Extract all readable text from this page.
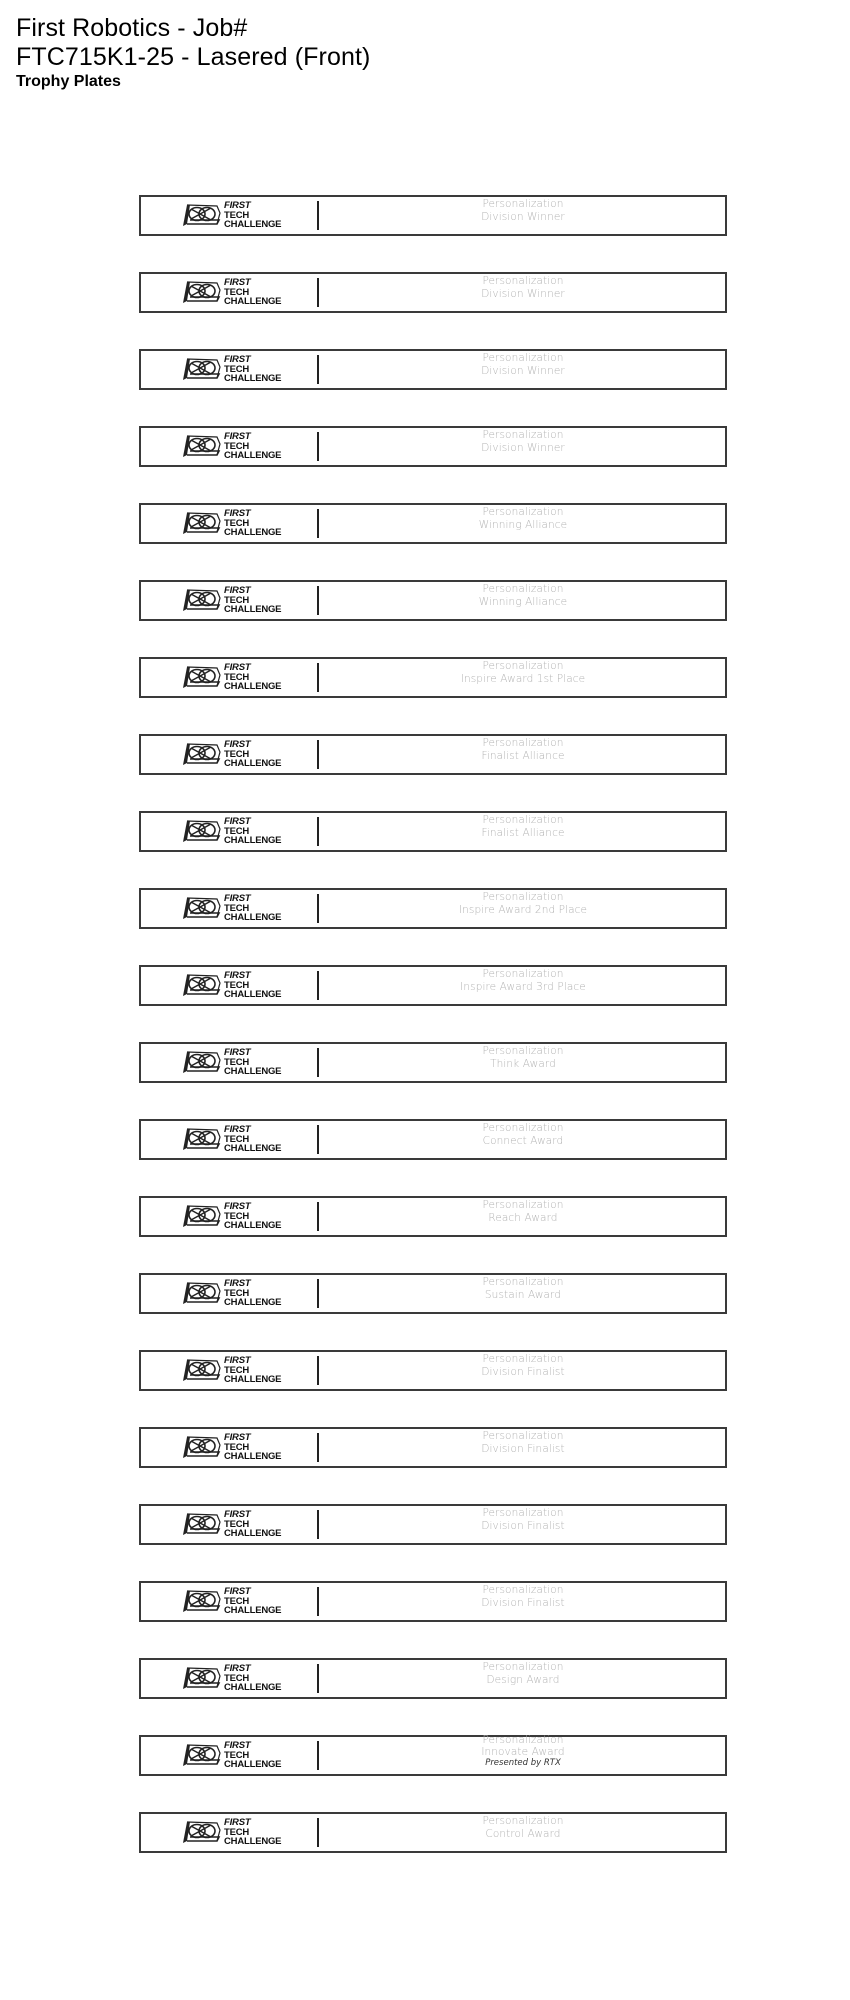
First Robotics - Job#
FTC715K1-25 - Lasered (Front)
Trophy Plates
FIRST
TECH
CHALLENGE
Personalization
Division Winner
FIRST
TECH
CHALLENGE
Personalization
Division Winner
FIRST
TECH
CHALLENGE
Personalization
Division Winner
FIRST
TECH
CHALLENGE
Personalization
Division Winner
FIRST
TECH
CHALLENGE
Personalization
Winning Alliance
FIRST
TECH
CHALLENGE
Personalization
Winning Alliance
FIRST
TECH
CHALLENGE
Personalization
Inspire Award 1st Place
FIRST
TECH
CHALLENGE
Personalization
Finalist Alliance
FIRST
TECH
CHALLENGE
Personalization
Finalist Alliance
FIRST
TECH
CHALLENGE
Personalization
Inspire Award 2nd Place
FIRST
TECH
CHALLENGE
Personalization
Inspire Award 3rd Place
FIRST
TECH
CHALLENGE
Personalization
Think Award
FIRST
TECH
CHALLENGE
Personalization
Connect Award
FIRST
TECH
CHALLENGE
Personalization
Reach Award
FIRST
TECH
CHALLENGE
Personalization
Sustain Award
FIRST
TECH
CHALLENGE
Personalization
Division Finalist
FIRST
TECH
CHALLENGE
Personalization
Division Finalist
FIRST
TECH
CHALLENGE
Personalization
Division Finalist
FIRST
TECH
CHALLENGE
Personalization
Division Finalist
FIRST
TECH
CHALLENGE
Personalization
Design Award
FIRST
TECH
CHALLENGE
Personalization
Innovate Award
Presented by RTX
FIRST
TECH
CHALLENGE
Personalization
Control Award
